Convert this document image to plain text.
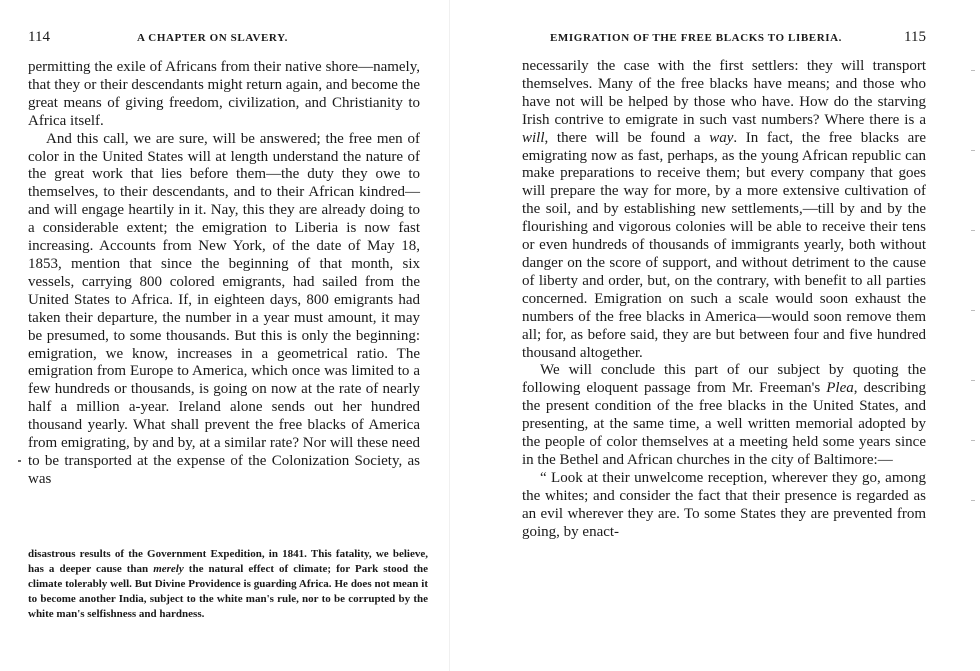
114	A CHAPTER ON SLAVERY.

permitting the exile of Africans from their native shore—namely, that they or their descendants might return again, and become the great means of giving freedom, civilization, and Christianity to Africa itself.

And this call, we are sure, will be answered; the free men of color in the United States will at length understand the nature of the great work that lies before them—the duty they owe to themselves, to their descendants, and to their African kindred—and will engage heartily in it. Nay, this they are already doing to a considerable extent; the emigration to Liberia is now fast increasing. Accounts from New York, of the date of May 18, 1853, mention that since the beginning of that month, six vessels, carrying 800 colored emigrants, had sailed from the United States to Africa. If, in eighteen days, 800 emigrants had taken their departure, the number in a year must amount, it may be presumed, to some thousands. But this is only the beginning: emigration, we know, increases in a geometrical ratio. The emigration from Europe to America, which once was limited to a few hundreds or thousands, is going on now at the rate of nearly half a million a-year. Ireland alone sends out her hundred thousand yearly. What shall prevent the free blacks of America from emigrating, by and by, at a similar rate? Nor will these need to be transported at the expense of the Colonization Society, as was

disastrous results of the Government Expedition, in 1841. This fatality, we believe, has a deeper cause than merely the natural effect of climate; for Park stood the climate tolerably well. But Divine Providence is guarding Africa. He does not mean it to become another India, subject to the white man's rule, nor to be corrupted by the white man's selfishness and hardness.
EMIGRATION OF THE FREE BLACKS TO LIBERIA.	115

necessarily the case with the first settlers: they will transport themselves. Many of the free blacks have means; and those who have not will be helped by those who have. How do the starving Irish contrive to emigrate in such vast numbers? Where there is a will, there will be found a way. In fact, the free blacks are emigrating now as fast, perhaps, as the young African republic can make preparations to receive them; but every company that goes will prepare the way for more, by a more extensive cultivation of the soil, and by establishing new settlements,—till by and by the flourishing and vigorous colonies will be able to receive their tens or even hundreds of thousands of immigrants yearly, both without danger on the score of support, and without detriment to the cause of liberty and order, but, on the contrary, with benefit to all parties concerned. Emigration on such a scale would soon exhaust the numbers of the free blacks in America—would soon remove them all; for, as before said, they are but between four and five hundred thousand altogether.

We will conclude this part of our subject by quoting the following eloquent passage from Mr. Freeman's Plea, describing the present condition of the free blacks in the United States, and presenting, at the same time, a well written memorial adopted by the people of color themselves at a meeting held some years since in the Bethel and African churches in the city of Baltimore:—

“ Look at their unwelcome reception, wherever they go, among the whites; and consider the fact that their presence is regarded as an evil wherever they are. To some States they are prevented from going, by enact-
